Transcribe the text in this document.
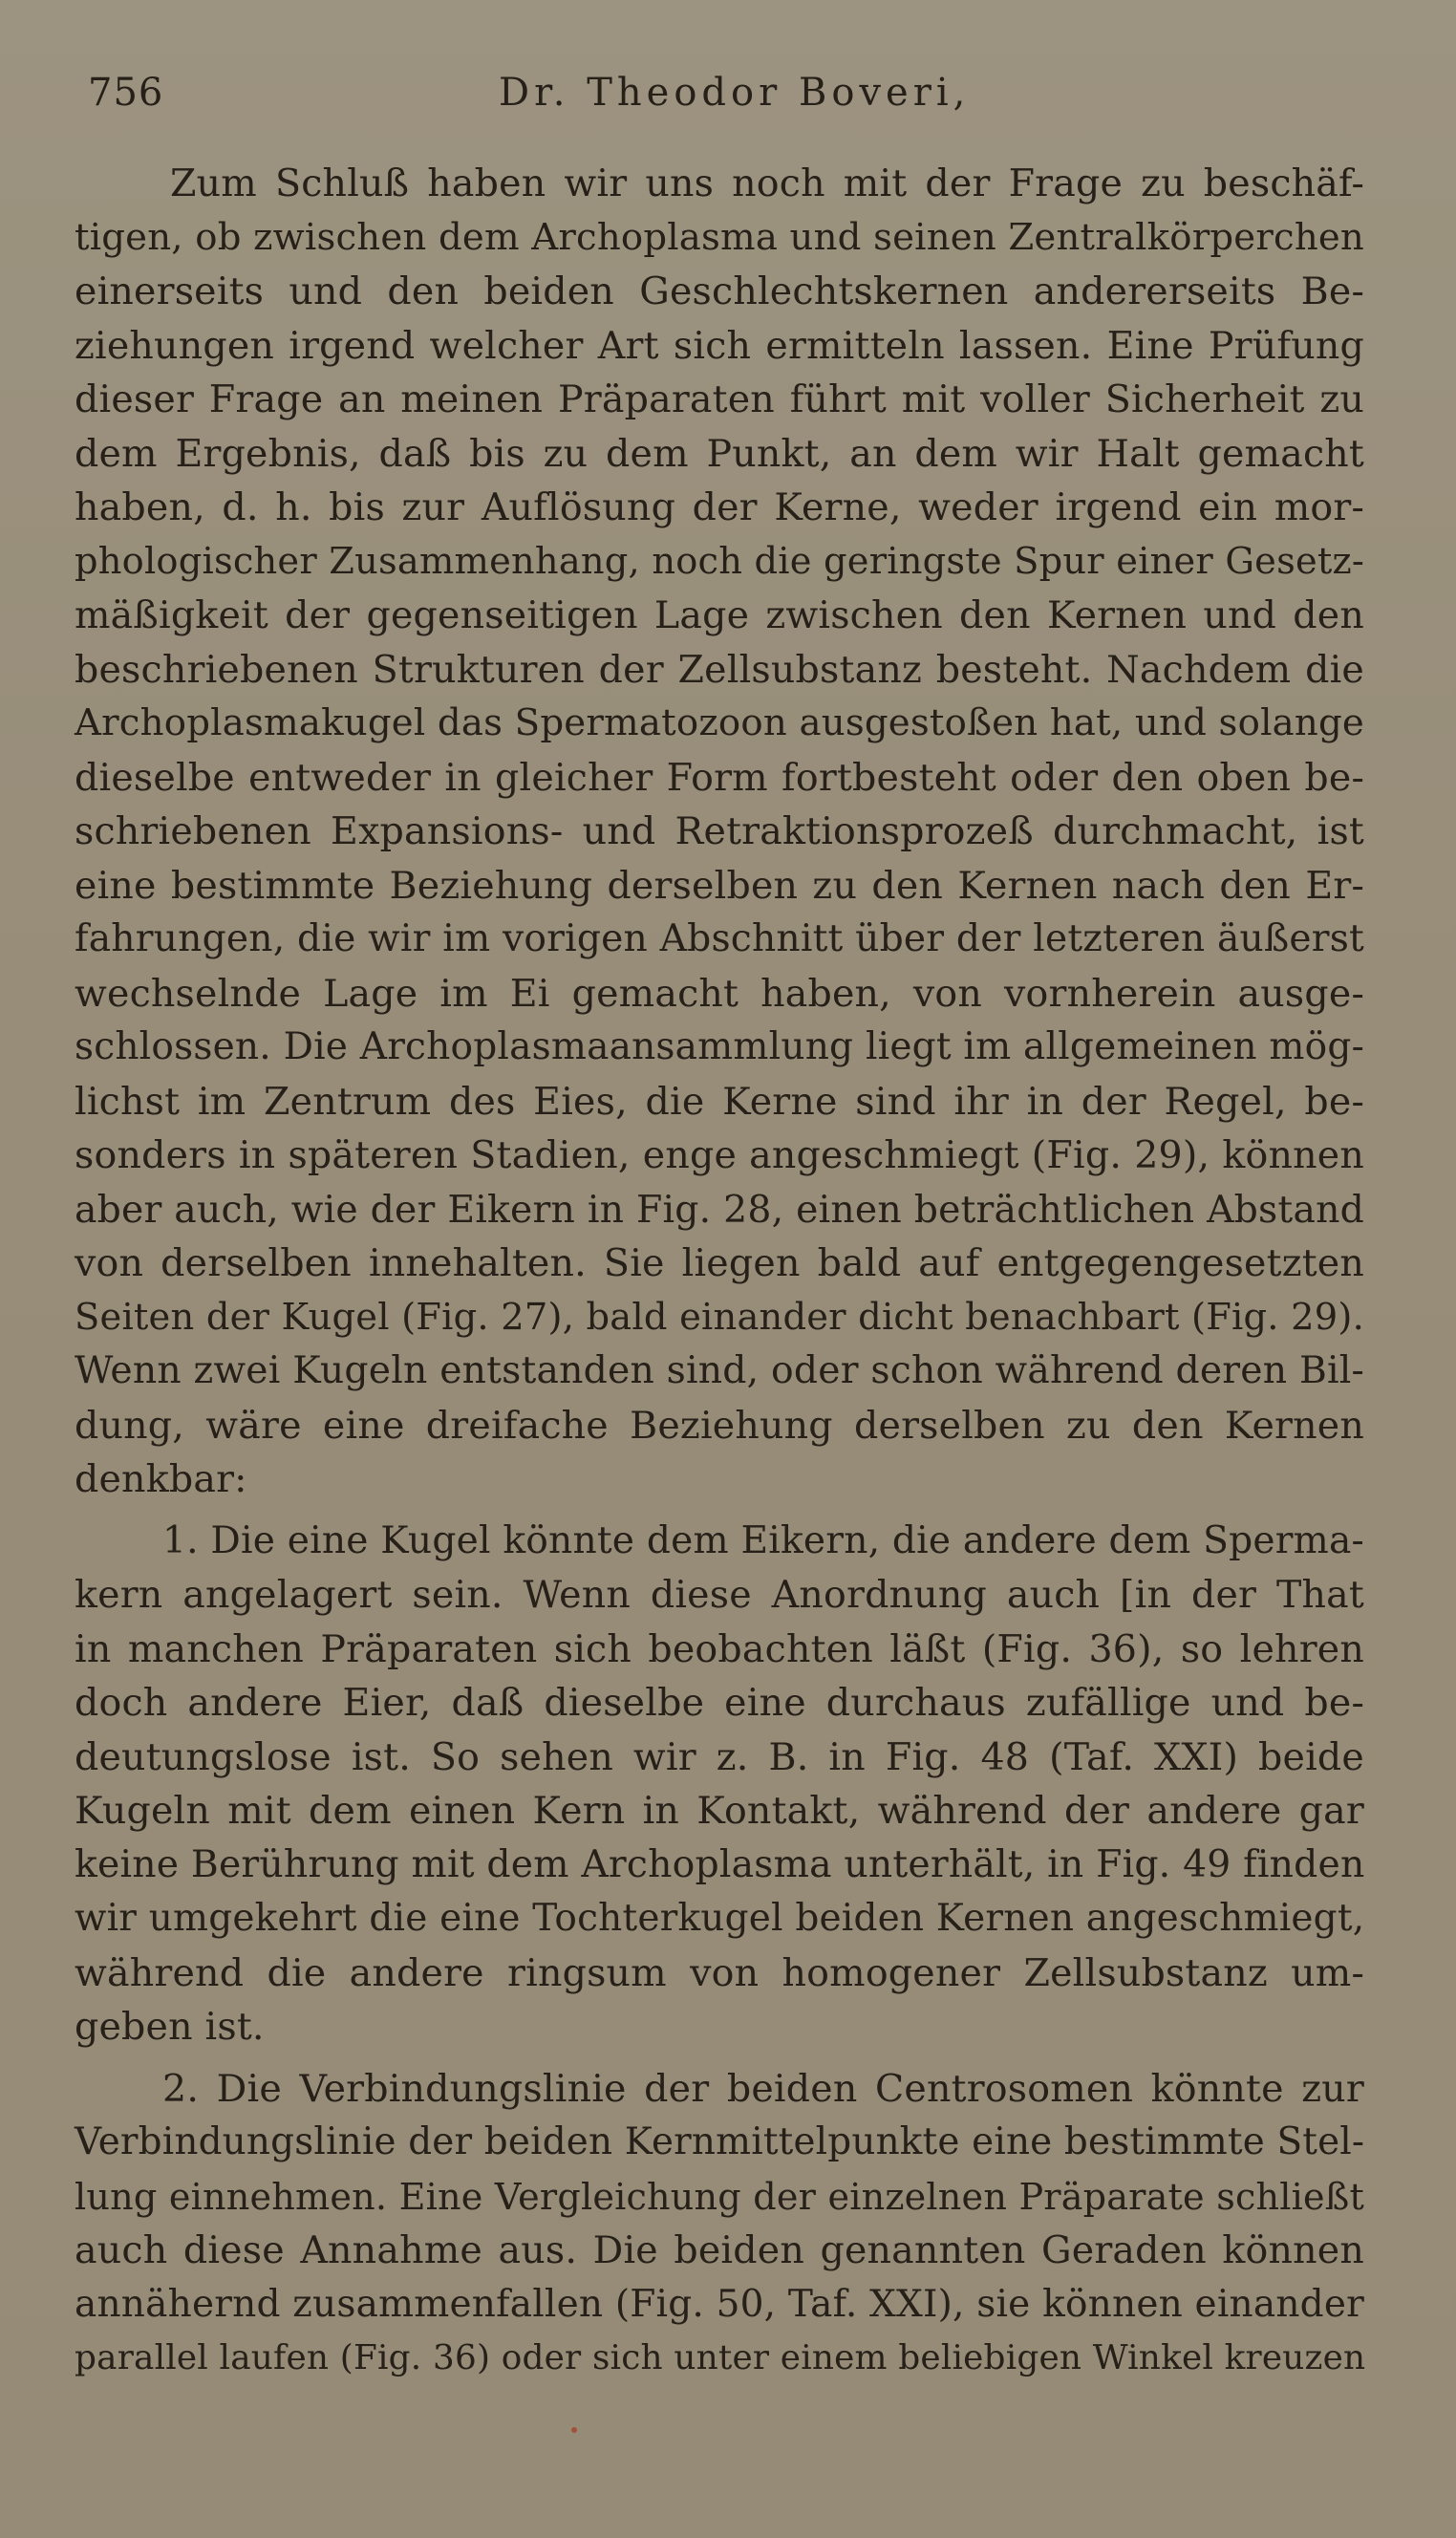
756	Dr. Theodor Boveri,
Zum Schluß haben wir uns noch mit der Frage zu beschäf-
tigen, ob zwischen dem Archoplasma und seinen Zentralkörperchen
einerseits und den beiden Geschlechtskernen andererseits Be-
ziehungen irgend welcher Art sich ermitteln lassen. Eine Prüfung
dieser Frage an meinen Präparaten führt mit voller Sicherheit zu
dem Ergebnis, daß bis zu dem Punkt, an dem wir Halt gemacht
haben, d. h. bis zur Auflösung der Kerne, weder irgend ein mor-
phologischer Zusammenhang, noch die geringste Spur einer Gesetz-
mäßigkeit der gegenseitigen Lage zwischen den Kernen und den
beschriebenen Strukturen der Zellsubstanz besteht. Nachdem die
Archoplasmakugel das Spermatozoon ausgestoßen hat, und solange
dieselbe entweder in gleicher Form fortbesteht oder den oben be-
schriebenen Expansions- und Retraktionsprozeß durchmacht, ist
eine bestimmte Beziehung derselben zu den Kernen nach den Er-
fahrungen, die wir im vorigen Abschnitt über der letzteren äußerst
wechselnde Lage im Ei gemacht haben, von vornherein ausge-
schlossen. Die Archoplasmaansammlung liegt im allgemeinen mög-
lichst im Zentrum des Eies, die Kerne sind ihr in der Regel, be-
sonders in späteren Stadien, enge angeschmiegt (Fig. 29), können
aber auch, wie der Eikern in Fig. 28, einen beträchtlichen Abstand
von derselben innehalten. Sie liegen bald auf entgegengesetzten
Seiten der Kugel (Fig. 27), bald einander dicht benachbart (Fig. 29).
Wenn zwei Kugeln entstanden sind, oder schon während deren Bil-
dung, wäre eine dreifache Beziehung derselben zu den Kernen
denkbar:
1. Die eine Kugel könnte dem Eikern, die andere dem Sperma-
kern angelagert sein. Wenn diese Anordnung auch [in der That
in manchen Präparaten sich beobachten läßt (Fig. 36), so lehren
doch andere Eier, daß dieselbe eine durchaus zufällige und be-
deutungslose ist. So sehen wir z. B. in Fig. 48 (Taf. XXI) beide
Kugeln mit dem einen Kern in Kontakt, während der andere gar
keine Berührung mit dem Archoplasma unterhält, in Fig. 49 finden
wir umgekehrt die eine Tochterkugel beiden Kernen angeschmiegt,
während die andere ringsum von homogener Zellsubstanz um-
geben ist.
2. Die Verbindungslinie der beiden Centrosomen könnte zur
Verbindungslinie der beiden Kernmittelpunkte eine bestimmte Stel-
lung einnehmen. Eine Vergleichung der einzelnen Präparate schließt
auch diese Annahme aus. Die beiden genannten Geraden können
annähernd zusammenfallen (Fig. 50, Taf. XXI), sie können einander
parallel laufen (Fig. 36) oder sich unter einem beliebigen Winkel kreuzen
